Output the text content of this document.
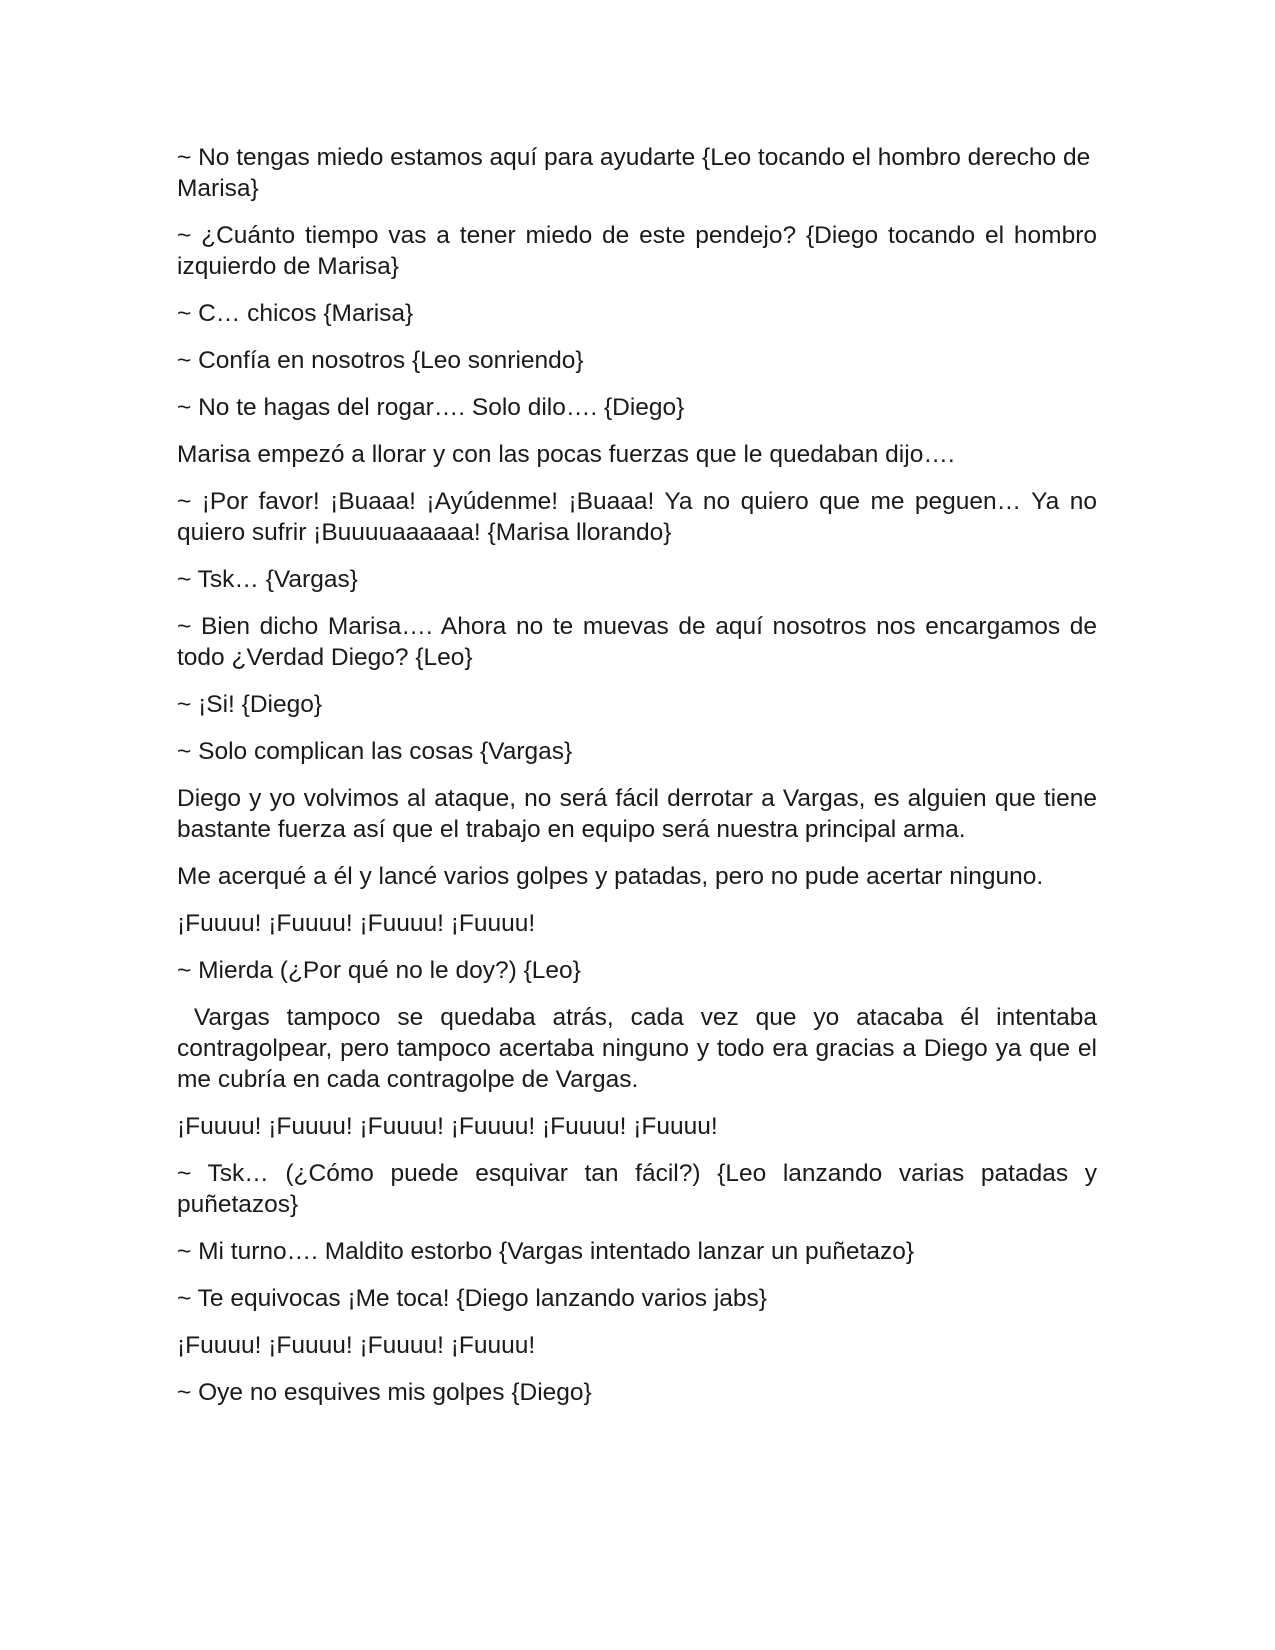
~ No tengas miedo estamos aquí para ayudarte {Leo tocando el hombro derecho de Marisa}

~ ¿Cuánto tiempo vas a tener miedo de este pendejo? {Diego tocando el hombro izquierdo de Marisa}

~ C… chicos {Marisa}

~ Confía en nosotros {Leo sonriendo}

~ No te hagas del rogar…. Solo dilo…. {Diego}

Marisa empezó a llorar y con las pocas fuerzas que le quedaban dijo….

~ ¡Por favor! ¡Buaaa! ¡Ayúdenme! ¡Buaaa! Ya no quiero que me peguen… Ya no quiero sufrir ¡Buuuuaaaaaa! {Marisa llorando}

~ Tsk… {Vargas}

~ Bien dicho Marisa…. Ahora no te muevas de aquí nosotros nos encargamos de todo ¿Verdad Diego? {Leo}

~ ¡Si! {Diego}

~ Solo complican las cosas {Vargas}

Diego y yo volvimos al ataque, no será fácil derrotar a Vargas, es alguien que tiene bastante fuerza así que el trabajo en equipo será nuestra principal arma.

Me acerqué a él y lancé varios golpes y patadas, pero no pude acertar ninguno.

¡Fuuuu! ¡Fuuuu! ¡Fuuuu! ¡Fuuuu!

~ Mierda (¿Por qué no le doy?) {Leo}

Vargas tampoco se quedaba atrás, cada vez que yo atacaba él intentaba contragolpear, pero tampoco acertaba ninguno y todo era gracias a Diego ya que el me cubría en cada contragolpe de Vargas.

¡Fuuuu! ¡Fuuuu! ¡Fuuuu! ¡Fuuuu! ¡Fuuuu! ¡Fuuuu!

~ Tsk… (¿Cómo puede esquivar tan fácil?) {Leo lanzando varias patadas y puñetazos}

~ Mi turno…. Maldito estorbo {Vargas intentado lanzar un puñetazo}

~ Te equivocas ¡Me toca! {Diego lanzando varios jabs}

¡Fuuuu! ¡Fuuuu! ¡Fuuuu! ¡Fuuuu!

~ Oye no esquives mis golpes {Diego}
